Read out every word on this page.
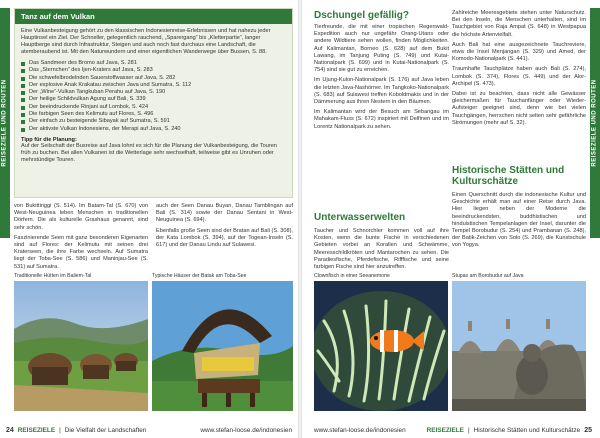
REISEZIELE UND ROUTEN
Tanz auf dem Vulkan
Eine Vulkanbesteigung gehört zu den klassischen Indonesienreise-Erlebnissen und hat nahezu jeder Hauptinsel ein Ziel. Der Schneller, gelegentlich rauchend, „Sparergang“ bis „Kletterpartie“, langer Hauptberge sind durch Infrastruktur, Steigen und auch noch fast durchaus eine Landschaft, die atemberaubend ist. Mit den Naturwundern und einer eigentlichen Wanderwege über Bussen, S. 88.
Das Sandmeer des Bromo auf Java, S. 281
Das „Sternchen“ des Ijen-Kraters auf Java, S. 283
Die schwefelbrodelnden Sauerstoffwasser auf Java, S. 282
Der explosive Anak Krakatau zwischen Java und Sumatra, S. 112
Der „Wine“-Vulkan Tangkuban Perahu auf Java, S. 190
Der heilige Schildvulkan Agung auf Bali, S. 339
Der beeindruckende Rinjani auf Lombok, S. 424
Die farbigen Seen des Kelimutu auf Flores, S. 496
Der einfach zu besteigende Sibayak auf Sumatra, S. 591
Der aktivste Vulkan Indonesiens, der Merapi auf Java, S. 240
Tipp für die Planung:
Auf der Seilschaft der Busreise auf Java lohnt es sich für die Planung der Vulkanbesteigung, die Touren früh zu buchen. Bei allen Vulkanen ist die Wetterlage sehr wechselhaft, teilweise gibt es Unruhen oder mehrstündige Touren.

von Bukittinggi (S. 514). Im Batam-Tal (S. 670) von West-Neuguinea leben Menschen in traditionellen Dörfern. Die als kulturelle Grashaus genannt, sind sehr schön.

Faszinierende Seen mit ganz besonderen Eigenarten sind auf Flores: der Kelimutu mit seinen drei Kraterseen, die ihre Farbe wechseln. Auf Sumatra liegt der Toba-See (S. 586) und Maninjau-See (S. 531) auf Sumatra.

auch der Seen Danau Buyan, Danau Tamblingan auf Bali (S. 314) sowie der Danau Sentani in West-Neuguinea (S. 694).

Ebenfalls große Seen sind der Bratan auf Bali (S. 308), der Kata Lombok (S. 394), auf der Togean-Inseln (S. 617) und der Danau Lindu auf Sulawesi.

Traditionelle Hütten im Baliem-Tal	Typische Häuser der Batak am Toba-See
24 REISEZIELE | Die Vielfalt der Landschaften	www.stefan-loose.de/indonesien
REISEZIELE UND ROUTEN
Dschungel gefällig?

Tierfreunde, die mit einer tropischen Regenwald-Expedition auch nur ungefähr Orang-Utans oder andere Wildtiere sehen wollen, finden Möglichkeiten. Auf Kalimantan, Borneo (S. 628) auf dem Bukit Lawang, im Tanjung Puting (S. 749) und Kutai-Nationalpark (S. 699) und in Kutai-Nationalpark (S. 754) sind sie gut zu erreichen.

Im Ujung-Kulon-Nationalpark (S. 176) auf Java leben die letzten Java-Nashörner. Im Tangkoko-Nationalpark (S. 683) auf Sulawesi treffen Koboldmakis und in der Dämmerung aus ihren Nestern in den Bäumen.

Im Kalimantan wird der Besuch am Sebangau im Mahakam-Fluss (S. 672) inspiriert mit Delfinen und im Lorentz Nationalpark zu sehen.

Unterwasserwelten

Taucher und Schnorchler kommen voll auf ihre Kosten, wenn die bunte Fische in verschiedenen Gebieten vorbei an Korallen und Schwämme, Meeresschildkröten und Mantarochen zu sehen. Die Paradiesfische, Pferdefische, Rifffische und seine farbigen Fische sind hier anzutreffen.

Zahlreiche Meeresgebiete stehen unter Naturschutz. Bei den Inseln, die Menschen unterhalten, sind im Tauchgebiet von Raja Ampat (S. 648) in Westpapua die höchste Artenvielfalt.

Auch Bali hat eine ausgezeichnete Tauchreviere, etwa die Insel Menjangan (S. 329) und Amed, der Komodo-Nationalpark (S. 441).

Traumhafte Tauchplätze haben auch Bali (S. 274), Lombok (S. 374), Flores (S. 449) und der Alor-Archipel (S. 473).

Dabei ist zu beachten, dass nicht alle Gewässer gleichermaßen für Tauchanfänger oder Wieder-Aufsteiger geeignet sind, denn wie bei vielen Tauchgängen, herrschen nicht selten sehr gefährliche Strömungen (mehr auf S. 32).

Historische Stätten und Kulturschätze

Einen Querschnitt durch die indonesische Kultur und Geschichte erhält man auf einer Reise durch Java. Hier liegen neben der Moderne die beeindruckendsten, buddhistischen und hinduistischen Tempelanlagen der Insel, darunter die Tempel Borobudur (S. 254) und Prambanan (S. 248), der Batik-Zeichen von Solo (S. 269), die Kunstschule von Yogya.

Clownfisch in einer Seeanemone	Stupas am Borobudur auf Java
www.stefan-loose.de/indonesien	REISEZIELE | Historische Stätten und Kulturschätze 25
